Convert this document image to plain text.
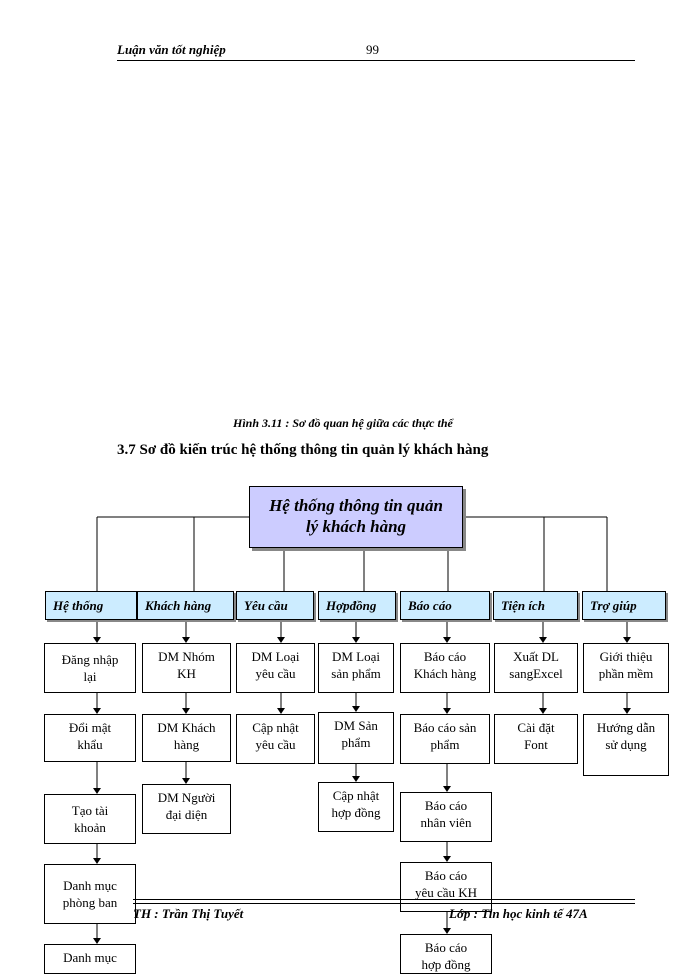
Luận văn tốt nghiệp	99
Hình 3.11 : Sơ đồ quan hệ giữa các thực thể
3.7 Sơ đồ kiến trúc hệ thống thông tin quản lý khách hàng
Hệ thống thông tin quản
lý khách hàng
Hệ thống	Khách hàng	Yêu cầu	Hợpđồng	Báo cáo	Tiện ích	Trợ giúp
Đăng nhập
lại
Đổi mật
khẩu
Tạo tài
khoản
Danh mục
phòng ban
Danh mục
DM Nhóm
KH
DM Khách
hàng
DM Người
đại diện
DM Loại
yêu cầu
Cập nhật
yêu cầu
DM Loại
sản phẩm
DM Sản
phẩm
Cập nhật
hợp đồng
Báo cáo
Khách hàng
Báo cáo sản
phẩm
Báo cáo
nhân viên
Báo cáo
yêu cầu KH
Báo cáo
hợp đồng
Xuất DL
sangExcel
Cài đặt
Font
Giới thiệu
phần mềm
Hướng dẫn
sử dụng
TH : Trần Thị Tuyết	Lớp : Tin học kinh tế 47A
